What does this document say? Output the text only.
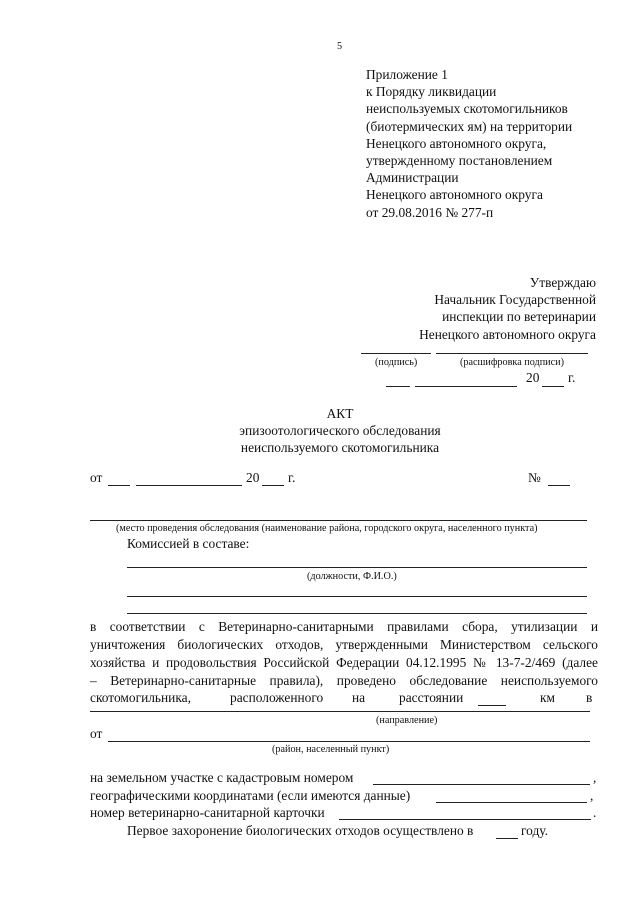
5
Приложение 1
к Порядку ликвидации
неиспользуемых скотомогильников
(биотермических ям) на территории
Ненецкого автономного округа,
утвержденному постановлением
Администрации
Ненецкого автономного округа
от 29.08.2016 № 277-п
Утверждаю
Начальник Государственной
инспекции по ветеринарии
Ненецкого автономного округа
(подпись)	(расшифровка подписи)
20 г.
АКТ
эпизоотологического обследования
неиспользуемого скотомогильника
от	20 г.	№
(место проведения обследования (наименование района, городского округа, населенного пункта)
Комиссией в составе:
(должности, Ф.И.О.)
в соответствии с Ветеринарно-санитарными правилами сбора, утилизации и
уничтожения биологических отходов, утвержденными Министерством сельского
хозяйства и продовольствия Российской Федерации 04.12.1995 № 13-7-2/469 (далее
– Ветеринарно-санитарные правила), проведено обследование неиспользуемого
скотомогильника,	расположенного на	расстоянии	км в
(направление)
от
(район, населенный пункт)
на земельном участке с кадастровым номером	,
географическими координатами (если имеются данные)	,
номер ветеринарно-санитарной карточки	.
Первое захоронение биологических отходов осуществлено в	году.
